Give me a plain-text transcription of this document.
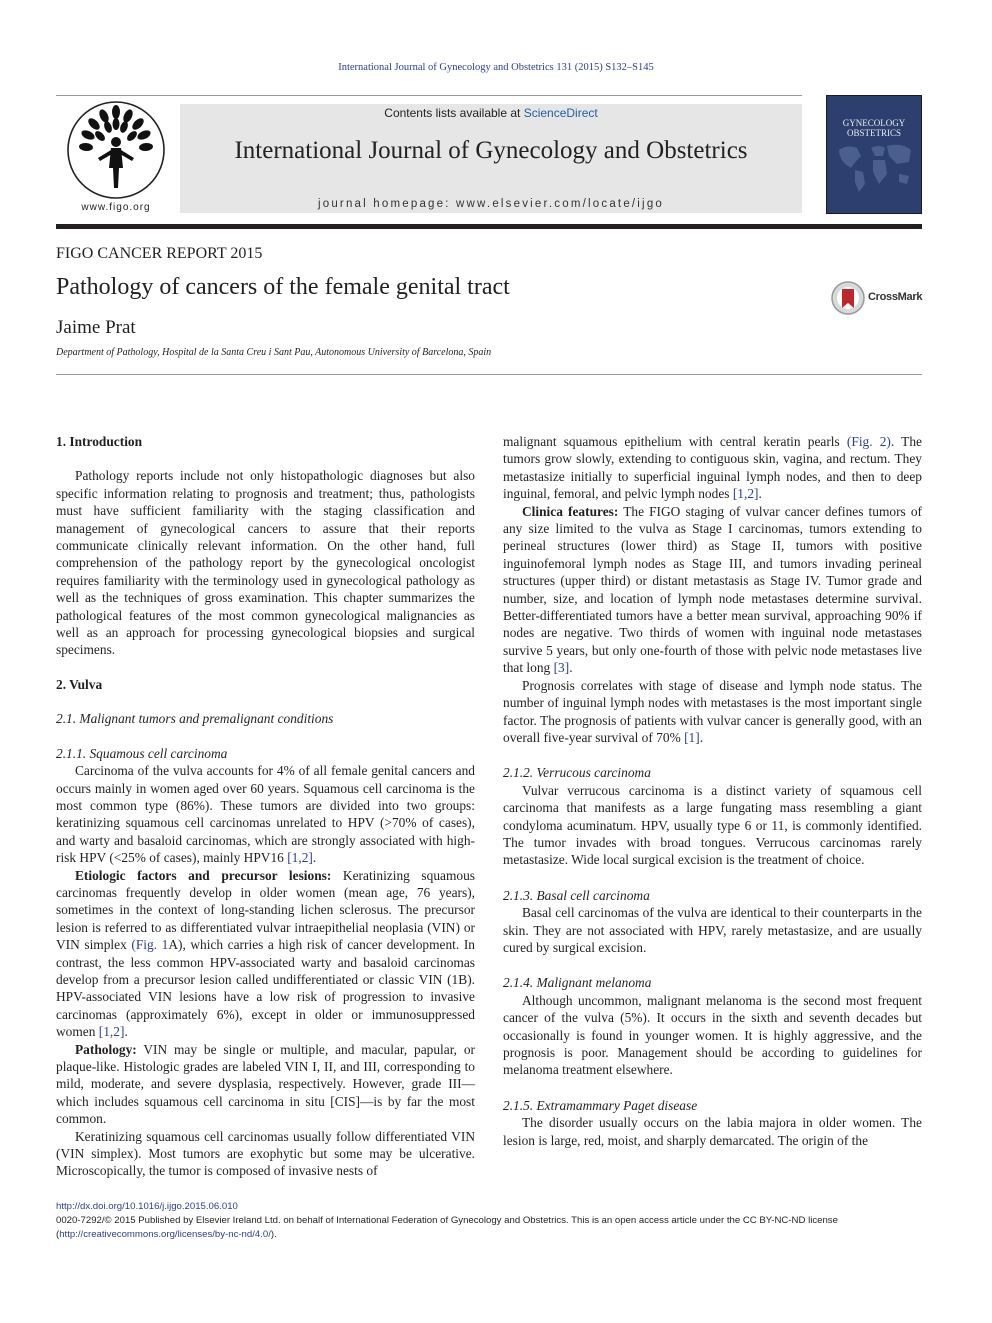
International Journal of Gynecology and Obstetrics 131 (2015) S132–S145
www.figo.org
Contents lists available at ScienceDirect
International Journal of Gynecology and Obstetrics
journal homepage: www.elsevier.com/locate/ijgo
GYNECOLOGY OBSTETRICS
FIGO CANCER REPORT 2015
Pathology of cancers of the female genital tract
Jaime Prat
Department of Pathology, Hospital de la Santa Creu i Sant Pau, Autonomous University of Barcelona, Spain
CrossMark
1. Introduction

Pathology reports include not only histopathologic diagnoses but also specific information relating to prognosis and treatment; thus, pathologists must have sufficient familiarity with the staging classification and management of gynecological cancers to assure that their reports communicate clinically relevant information. On the other hand, full comprehension of the pathology report by the gynecological oncologist requires familiarity with the terminology used in gynecological pathology as well as the techniques of gross examination. This chapter summarizes the pathological features of the most common gynecological malignancies as well as an approach for processing gynecological biopsies and surgical specimens.

2. Vulva
2.1. Malignant tumors and premalignant conditions
2.1.1. Squamous cell carcinoma

Carcinoma of the vulva accounts for 4% of all female genital cancers and occurs mainly in women aged over 60 years. Squamous cell carcinoma is the most common type (86%). These tumors are divided into two groups: keratinizing squamous cell carcinomas unrelated to HPV (>70% of cases), and warty and basaloid carcinomas, which are strongly associated with high-risk HPV (<25% of cases), mainly HPV16 [1,2].

Etiologic factors and precursor lesions: Keratinizing squamous carcinomas frequently develop in older women (mean age, 76 years), sometimes in the context of long-standing lichen sclerosus. The precursor lesion is referred to as differentiated vulvar intraepithelial neoplasia (VIN) or VIN simplex (Fig. 1A), which carries a high risk of cancer development. In contrast, the less common HPV-associated warty and basaloid carcinomas develop from a precursor lesion called undifferentiated or classic VIN (1B). HPV-associated VIN lesions have a low risk of progression to invasive carcinomas (approximately 6%), except in older or immunosuppressed women [1,2].

Pathology: VIN may be single or multiple, and macular, papular, or plaque-like. Histologic grades are labeled VIN I, II, and III, corresponding to mild, moderate, and severe dysplasia, respectively. However, grade III—which includes squamous cell carcinoma in situ [CIS]—is by far the most common.

Keratinizing squamous cell carcinomas usually follow differentiated VIN (VIN simplex). Most tumors are exophytic but some may be ulcerative. Microscopically, the tumor is composed of invasive nests of

malignant squamous epithelium with central keratin pearls (Fig. 2). The tumors grow slowly, extending to contiguous skin, vagina, and rectum. They metastasize initially to superficial inguinal lymph nodes, and then to deep inguinal, femoral, and pelvic lymph nodes [1,2].

Clinica features: The FIGO staging of vulvar cancer defines tumors of any size limited to the vulva as Stage I carcinomas, tumors extending to perineal structures (lower third) as Stage II, tumors with positive inguinofemoral lymph nodes as Stage III, and tumors invading perineal structures (upper third) or distant metastasis as Stage IV. Tumor grade and number, size, and location of lymph node metastases determine survival. Better-differentiated tumors have a better mean survival, approaching 90% if nodes are negative. Two thirds of women with inguinal node metastases survive 5 years, but only one-fourth of those with pelvic node metastases live that long [3].

Prognosis correlates with stage of disease and lymph node status. The number of inguinal lymph nodes with metastases is the most important single factor. The prognosis of patients with vulvar cancer is generally good, with an overall five-year survival of 70% [1].

2.1.2. Verrucous carcinoma

Vulvar verrucous carcinoma is a distinct variety of squamous cell carcinoma that manifests as a large fungating mass resembling a giant condyloma acuminatum. HPV, usually type 6 or 11, is commonly identified. The tumor invades with broad tongues. Verrucous carcinomas rarely metastasize. Wide local surgical excision is the treatment of choice.

2.1.3. Basal cell carcinoma

Basal cell carcinomas of the vulva are identical to their counterparts in the skin. They are not associated with HPV, rarely metastasize, and are usually cured by surgical excision.

2.1.4. Malignant melanoma

Although uncommon, malignant melanoma is the second most frequent cancer of the vulva (5%). It occurs in the sixth and seventh decades but occasionally is found in younger women. It is highly aggressive, and the prognosis is poor. Management should be according to guidelines for melanoma treatment elsewhere.

2.1.5. Extramammary Paget disease

The disorder usually occurs on the labia majora in older women. The lesion is large, red, moist, and sharply demarcated. The origin of the

http://dx.doi.org/10.1016/j.ijgo.2015.06.010
0020-7292/© 2015 Published by Elsevier Ireland Ltd. on behalf of International Federation of Gynecology and Obstetrics. This is an open access article under the CC BY-NC-ND license
(http://creativecommons.org/licenses/by-nc-nd/4.0/).
